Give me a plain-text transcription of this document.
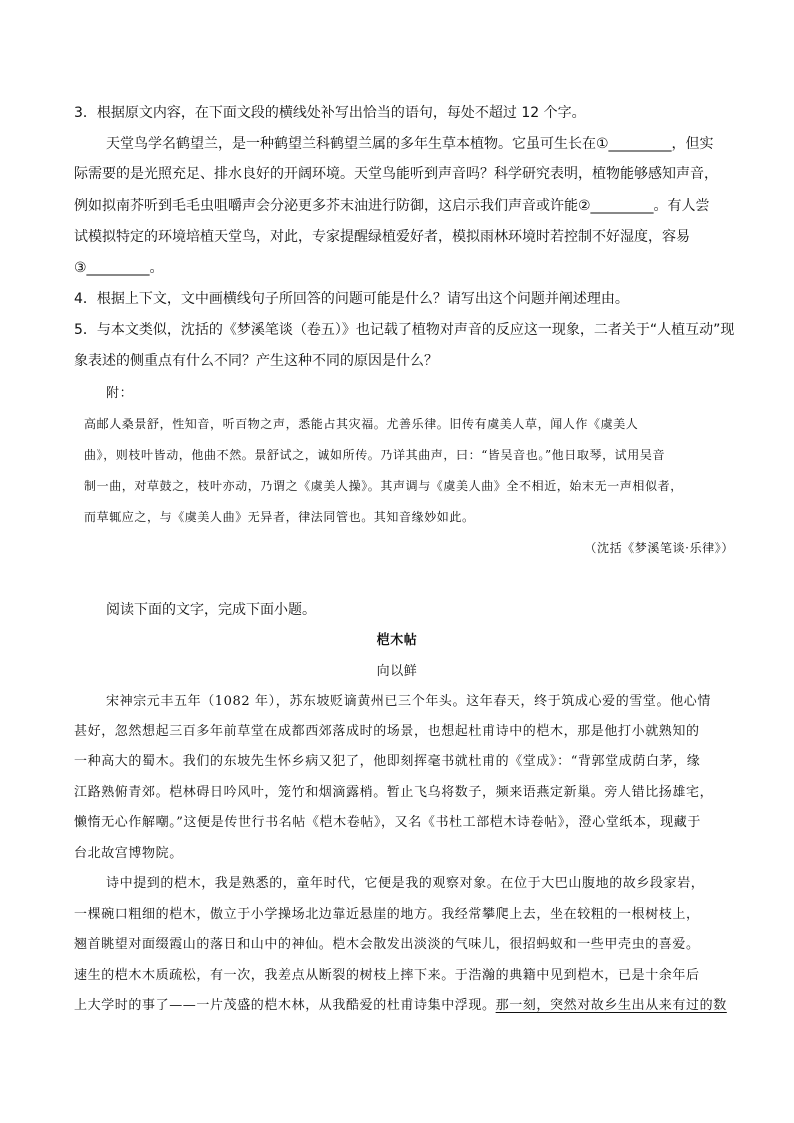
3．根据原文内容，在下面文段的横线处补写出恰当的语句，每处不超过 12 个字。
天堂鸟学名鹤望兰，是一种鹤望兰科鹤望兰属的多年生草本植物。它虽可生长在①_________，但实
际需要的是光照充足、排水良好的开阔环境。天堂鸟能听到声音吗？科学研究表明，植物能够感知声音，
例如拟南芥听到毛毛虫咀嚼声会分泌更多芥末油进行防御，这启示我们声音或许能②_________。有人尝
试模拟特定的环境培植天堂鸟，对此，专家提醒绿植爱好者，模拟雨林环境时若控制不好湿度，容易
③_________。
4．根据上下文，文中画横线句子所回答的问题可能是什么？请写出这个问题并阐述理由。
5．与本文类似，沈括的《梦溪笔谈（卷五）》也记载了植物对声音的反应这一现象，二者关于“人植互动”现
象表述的侧重点有什么不同？产生这种不同的原因是什么？
附：
高邮人桑景舒，性知音，听百物之声，悉能占其灾福。尤善乐律。旧传有虞美人草，闻人作《虞美人
曲》，则枝叶皆动，他曲不然。景舒试之，诚如所传。乃详其曲声，曰：“皆吴音也。”他日取琴，试用吴音
制一曲，对草鼓之，枝叶亦动，乃谓之《虞美人操》。其声调与《虞美人曲》全不相近，始末无一声相似者，
而草辄应之，与《虞美人曲》无异者，律法同管也。其知音缘妙如此。
（沈括《梦溪笔谈·乐律》）
阅读下面的文字，完成下面小题。
桤木帖
向以鲜
宋神宗元丰五年（1082 年），苏东坡贬谪黄州已三个年头。这年春天，终于筑成心爱的雪堂。他心情
甚好，忽然想起三百多年前草堂在成都西郊落成时的场景，也想起杜甫诗中的桤木，那是他打小就熟知的
一种高大的蜀木。我们的东坡先生怀乡病又犯了，他即刻挥毫书就杜甫的《堂成》：“背郭堂成荫白茅，缘
江路熟俯青郊。桤林碍日吟风叶，笼竹和烟滴露梢。暂止飞乌将数子，频来语燕定新巢。旁人错比扬雄宅，
懒惰无心作解嘲。”这便是传世行书名帖《桤木卷帖》，又名《书杜工部桤木诗卷帖》，澄心堂纸本，现藏于
台北故宫博物院。
诗中提到的桤木，我是熟悉的，童年时代，它便是我的观察对象。在位于大巴山腹地的故乡段家岩，
一棵碗口粗细的桤木，傲立于小学操场北边靠近悬崖的地方。我经常攀爬上去，坐在较粗的一根树枝上，
翘首眺望对面缀霞山的落日和山中的神仙。桤木会散发出淡淡的气味儿，很招蚂蚁和一些甲壳虫的喜爱。
速生的桤木木质疏松，有一次，我差点从断裂的树枝上摔下来。于浩瀚的典籍中见到桤木，已是十余年后
上大学时的事了——一片茂盛的桤木林，从我酷爱的杜甫诗集中浮现。那一刻，突然对故乡生出从来有过的数
